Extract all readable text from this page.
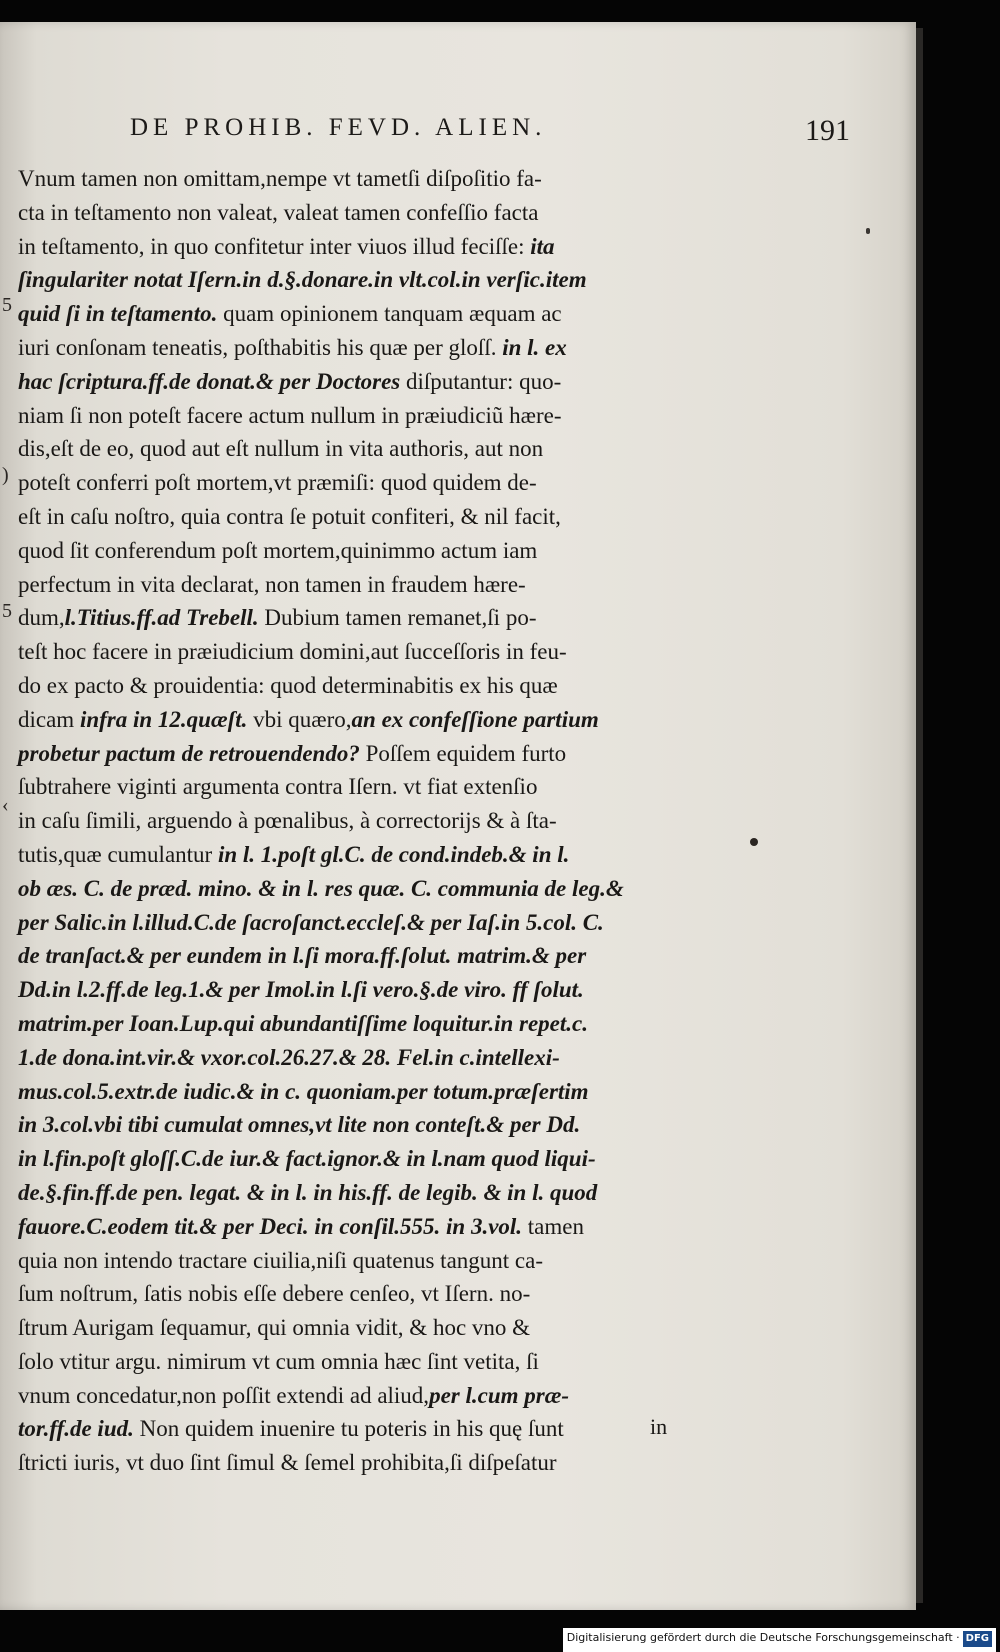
DE PROHIB. FEVD. ALIEN.	191
5
)
5
‹
Vnum tamen non omittam,nempe vt tametſi diſpoſitio fa-
cta in teſtamento non valeat, valeat tamen confeſſio facta
in teſtamento, in quo confitetur inter viuos illud feciſſe: ita
ſingulariter notat Iſern.in d.§.donare.in vlt.col.in verſic.item
quid ſi in teſtamento. quam opinionem tanquam æquam ac
iuri conſonam teneatis, poſthabitis his quæ per gloſſ. in l. ex
hac ſcriptura.ff.de donat.& per Doctores diſputantur: quo-
niam ſi non poteſt facere actum nullum in præiudiciũ hære-
dis,eſt de eo, quod aut eſt nullum in vita authoris, aut non
poteſt conferri poſt mortem,vt præmiſi: quod quidem de-
eſt in caſu noſtro, quia contra ſe potuit confiteri, & nil facit,
quod ſit conferendum poſt mortem,quinimmo actum iam
perfectum in vita declarat, non tamen in fraudem hære-
dum,l.Titius.ff.ad Trebell. Dubium tamen remanet,ſi po-
teſt hoc facere in præiudicium domini,aut ſucceſſoris in feu-
do ex pacto & prouidentia: quod determinabitis ex his quæ
dicam infra in 12.quæſt. vbi quæro,an ex confeſſione partium
probetur pactum de retrouendendo? Poſſem equidem furto
ſubtrahere viginti argumenta contra Iſern. vt fiat extenſio
in caſu ſimili, arguendo à pœnalibus, à correctorijs & à ſta-
tutis,quæ cumulantur in l. 1.poſt gl.C. de cond.indeb.& in l.
ob æs. C. de præd. mino. & in l. res quæ. C. communia de leg.&
per Salic.in l.illud.C.de ſacroſanct.eccleſ.& per Iaſ.in 5.col. C.
de tranſact.& per eundem in l.ſi mora.ff.ſolut. matrim.& per
Dd.in l.2.ff.de leg.1.& per Imol.in l.ſi vero.§.de viro. ff ſolut.
matrim.per Ioan.Lup.qui abundantiſſime loquitur.in repet.c.
1.de dona.int.vir.& vxor.col.26.27.& 28. Fel.in c.intellexi-
mus.col.5.extr.de iudic.& in c. quoniam.per totum.præſertim
in 3.col.vbi tibi cumulat omnes,vt lite non conteſt.& per Dd.
in l.fin.poſt gloſſ.C.de iur.& fact.ignor.& in l.nam quod liqui-
de.§.fin.ff.de pen. legat. & in l. in his.ff. de legib. & in l. quod
fauore.C.eodem tit.& per Deci. in conſil.555. in 3.vol. tamen
quia non intendo tractare ciuilia,niſi quatenus tangunt ca-
ſum noſtrum, ſatis nobis eſſe debere cenſeo, vt Iſern. no-
ſtrum Aurigam ſequamur, qui omnia vidit, & hoc vno &
ſolo vtitur argu. nimirum vt cum omnia hæc ſint vetita, ſi
vnum concedatur,non poſſit extendi ad aliud,per l.cum præ-
tor.ff.de iud. Non quidem inuenire tu poteris in his quę ſunt
ſtricti iuris, vt duo ſint ſimul & ſemel prohibita,ſi diſpeſatur
in
Digitalisierung gefördert durch die Deutsche Forschungsgemeinschaft · DFG
